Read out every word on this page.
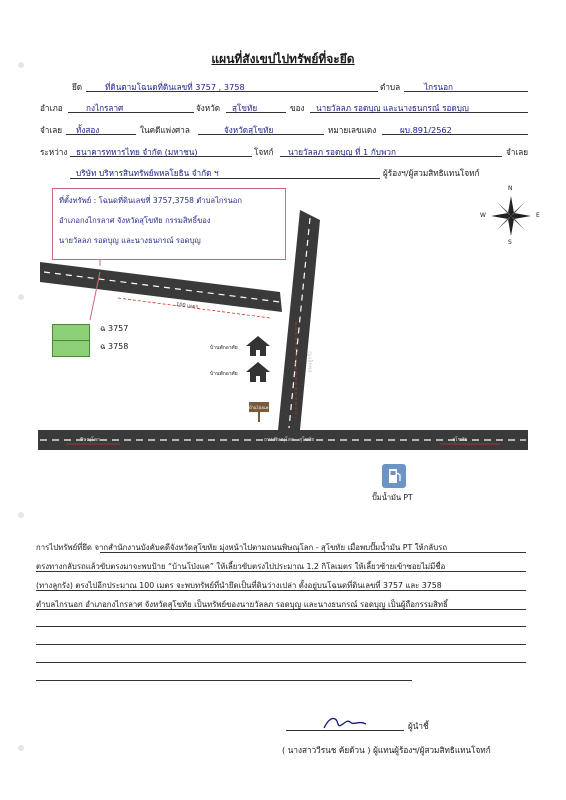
แผนที่สังเขปไปทรัพย์ที่จะยึด
ยึด	ที่ดินตามโฉนดที่ดินเลขที่ 3757 , 3758	ตำบล	ไกรนอก
อำเภอ	กงไกรลาศ	จังหวัด สุโขทัย	ของ นายวัลลภ รอดบุญ และนางธนกรณ์ รอดบุญ
จำเลย ทั้งสอง	ในคดีแพ่งศาล	จังหวัดสุโขทัย	หมายเลขแดง	ผบ.891/2562
ระหว่าง ธนาคารทหารไทย จำกัด (มหาชน)	โจทก์ นายวัลลภ รอดบุญ ที่ 1 กับพวก	จำเลย
บริษัท บริหารสินทรัพย์พหลโยธิน จำกัด ฯ	ผู้ร้องฯ/ผู้สวมสิทธิแทนโจทก์
ที่ตั้งทรัพย์ : โฉนดที่ดินเลขที่ 3757,3758 ตำบลไกรนอก
อำเภอกงไกรลาศ จังหวัดสุโขทัย กรรมสิทธิ์ของ
นายวัลลภ รอดบุญ และนางธนกรณ์ รอดบุญ
ฉ 3757
ฉ 3758
100 เมตร
1.2 กิโลเมตร
ถนนลูกรัง
บ้านพักอาศัย
บ้านพักอาศัย
บ้านโป่งแค
พิษณุโลก	ถนนพิษณุโลก - สุโขทัย	สุโขทัย
ปั๊มน้ำมัน PT
N
S
W	E
การไปทรัพย์ที่ยึด จากสำนักงานบังคับคดีจังหวัดสุโขทัย มุ่งหน้าไปตามถนนพิษณุโลก - สุโขทัย เมื่อพบปั๊มน้ำมัน PT ให้กลับรถ
ตรงทางกลับรถแล้วขับตรงมาจะพบป้าย “บ้านโป่งแค” ให้เลี้ยวขับตรงไปประมาณ 1.2 กิโลเมตร ให้เลี้ยวซ้ายเข้าซอยไม่มีชื่อ
(ทางลูกรัง) ตรงไปอีกประมาณ 100 เมตร จะพบทรัพย์ที่นำยึดเป็นที่ดินว่างเปล่า ตั้งอยู่บนโฉนดที่ดินเลขที่ 3757 และ 3758
ตำบลไกรนอก อำเภอกงไกรลาศ จังหวัดสุโขทัย เป็นทรัพย์ของนายวัลลภ รอดบุญ และนางธนกรณ์ รอดบุญ เป็นผู้ถือกรรมสิทธิ์
ผู้นำชี้
( นางสาววีรนช ค้ยด้วน ) ผู้แทนผู้ร้องฯ/ผู้สวมสิทธิแทนโจทก์
